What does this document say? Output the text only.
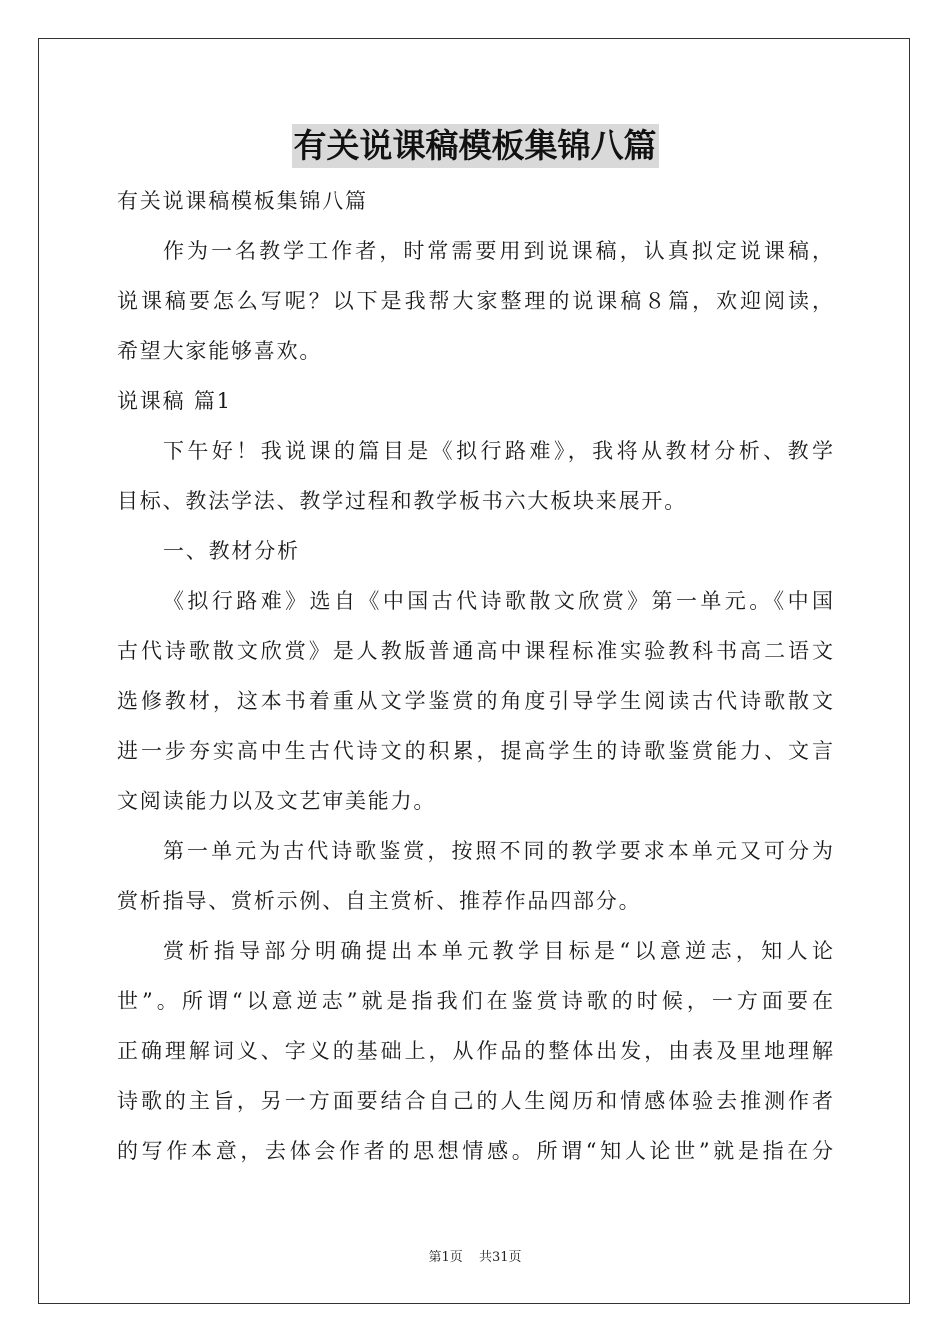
有关说课稿模板集锦八篇
有关说课稿模板集锦八篇
作为一名教学工作者，时常需要用到说课稿，认真拟定说课稿，
说课稿要怎么写呢？以下是我帮大家整理的说课稿８篇，欢迎阅读，
希望大家能够喜欢。
说课稿 篇1
下午好！我说课的篇目是《拟行路难》，我将从教材分析、教学
目标、教法学法、教学过程和教学板书六大板块来展开。
一、教材分析
《拟行路难》选自《中国古代诗歌散文欣赏》第一单元。《中国
古代诗歌散文欣赏》是人教版普通高中课程标准实验教科书高二语文
选修教材，这本书着重从文学鉴赏的角度引导学生阅读古代诗歌散文
进一步夯实高中生古代诗文的积累，提高学生的诗歌鉴赏能力、文言
文阅读能力以及文艺审美能力。
第一单元为古代诗歌鉴赏，按照不同的教学要求本单元又可分为
赏析指导、赏析示例、自主赏析、推荐作品四部分。
赏析指导部分明确提出本单元教学目标是“以意逆志，知人论
世”。所谓“以意逆志”就是指我们在鉴赏诗歌的时候，一方面要在
正确理解词义、字义的基础上，从作品的整体出发，由表及里地理解
诗歌的主旨，另一方面要结合自己的人生阅历和情感体验去推测作者
的写作本意，去体会作者的思想情感。所谓“知人论世”就是指在分
第1页 共31页
